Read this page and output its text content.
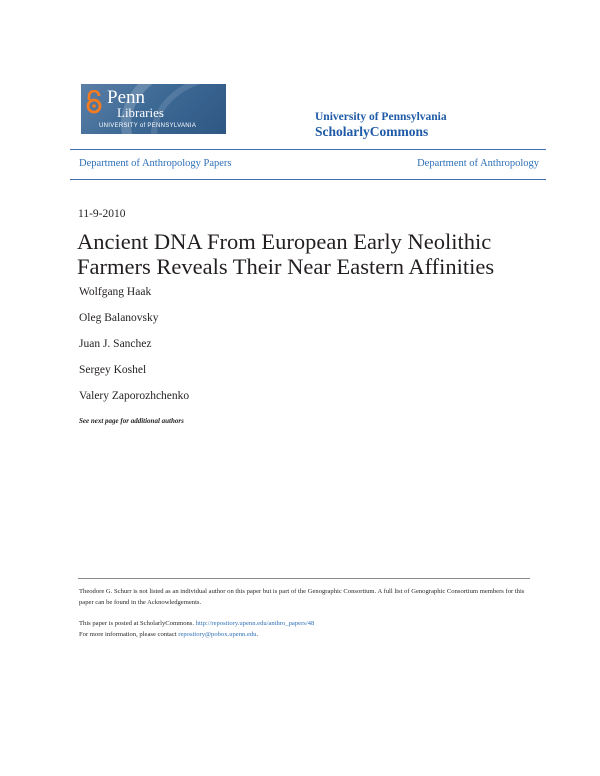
Penn
Libraries
UNIVERSITY of PENNSYLVANIA
University of Pennsylvania
ScholarlyCommons
Department of Anthropology Papers	Department of Anthropology
11-9-2010
Ancient DNA From European Early Neolithic Farmers Reveals Their Near Eastern Affinities
Wolfgang Haak
Oleg Balanovsky
Juan J. Sanchez
Sergey Koshel
Valery Zaporozhchenko
See next page for additional authors
Theodore G. Schurr is not listed as an individual author on this paper but is part of the Genographic Consortium. A full list of Genographic Consortium members for this paper can be found in the Acknowledgements.
This paper is posted at ScholarlyCommons. http://repository.upenn.edu/anthro_papers/48
For more information, please contact repository@pobox.upenn.edu.
